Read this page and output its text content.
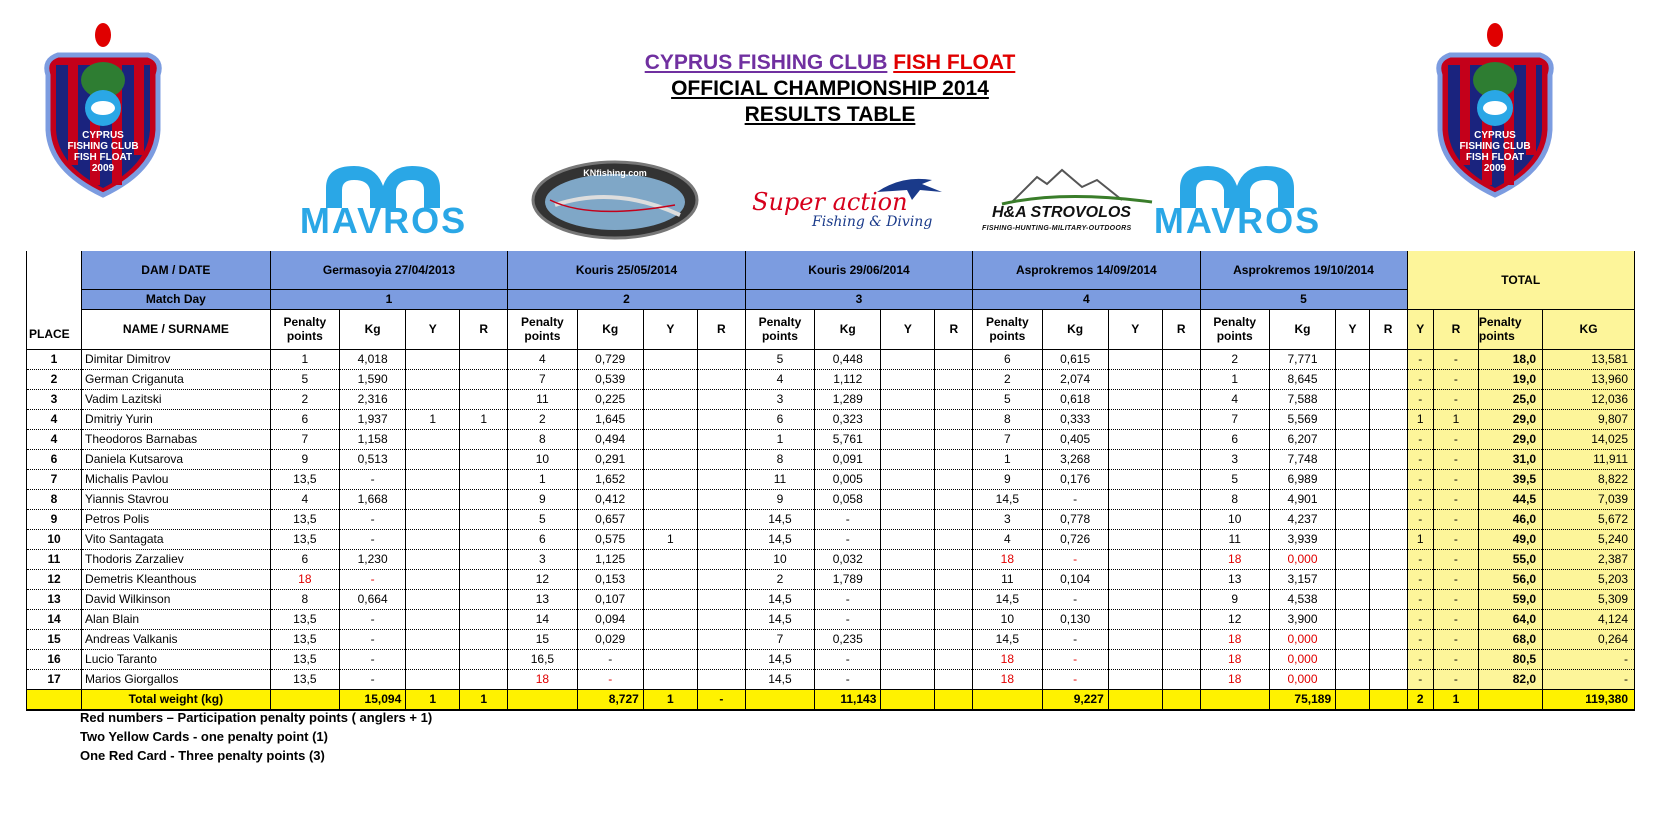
CYPRUS FISHING CLUB FISH FLOAT
OFFICIAL CHAMPIONSHIP 2014
RESULTS TABLE
CYPRUS
FISHING CLUB
FISH FLOAT
2009
CYPRUS
FISHING CLUB
FISH FLOAT
2009
MAVROS
KNfishing.com
Super action
Fishing & Diving
H&A STROVOLOS
FISHING-HUNTING-MILITARY-OUTDOORS MAVROS
PLACE	DAM / DATE	Germasoyia 27/04/2013				Kouris 25/05/2014				Kouris 29/06/2014				Asprokremos 14/09/2014				Asprokremos 19/10/2014				TOTAL			
	Match Day	1				2				3				4				5							
	NAME / SURNAME	Penalty points	Kg	Y	R	Penalty points	Kg	Y	R	Penalty points	Kg	Y	R	Penalty points	Kg	Y	R	Penalty points	Kg	Y	R	Y	R	Penalty points	KG
1	Dimitar Dimitrov	1	4,018			4	0,729			5	0,448			6	0,615			2	7,771			-	-	18,0	13,581
2	German Criganuta	5	1,590			7	0,539			4	1,112			2	2,074			1	8,645			-	-	19,0	13,960
3	Vadim Lazitski	2	2,316			11	0,225			3	1,289			5	0,618			4	7,588			-	-	25,0	12,036
4	Dmitriy Yurin	6	1,937	1	1	2	1,645			6	0,323			8	0,333			7	5,569			1	1	29,0	9,807
4	Theodoros Barnabas	7	1,158			8	0,494			1	5,761			7	0,405			6	6,207			-	-	29,0	14,025
6	Daniela Kutsarova	9	0,513			10	0,291			8	0,091			1	3,268			3	7,748			-	-	31,0	11,911
7	Michalis Pavlou	13,5	-			1	1,652			11	0,005			9	0,176			5	6,989			-	-	39,5	8,822
8	Yiannis Stavrou	4	1,668			9	0,412			9	0,058			14,5	-			8	4,901			-	-	44,5	7,039
9	Petros Polis	13,5	-			5	0,657			14,5	-			3	0,778			10	4,237			-	-	46,0	5,672
10	Vito Santagata	13,5	-			6	0,575	1		14,5	-			4	0,726			11	3,939			1	-	49,0	5,240
11	Thodoris Zarzaliev	6	1,230			3	1,125			10	0,032			18	-			18	0,000			-	-	55,0	2,387
12	Demetris Kleanthous	18	-			12	0,153			2	1,789			11	0,104			13	3,157			-	-	56,0	5,203
13	David Wilkinson	8	0,664			13	0,107			14,5	-			14,5	-			9	4,538			-	-	59,0	5,309
14	Alan Blain	13,5	-			14	0,094			14,5	-			10	0,130			12	3,900			-	-	64,0	4,124
15	Andreas Valkanis	13,5	-			15	0,029			7	0,235			14,5	-			18	0,000			-	-	68,0	0,264
16	Lucio Taranto	13,5	-			16,5	-			14,5	-			18	-			18	0,000			-	-	80,5	-
17	Marios Giorgallos	13,5	-			18	-			14,5	-			18	-			18	0,000			-	-	82,0	-
	Total weight (kg)		15,094	1	1		8,727	1	-		11,143				9,227				75,189			2	1		119,380
Red numbers – Participation penalty points ( anglers + 1)
Two Yellow Cards - one penalty point (1)
One Red Card - Three penalty points (3)
